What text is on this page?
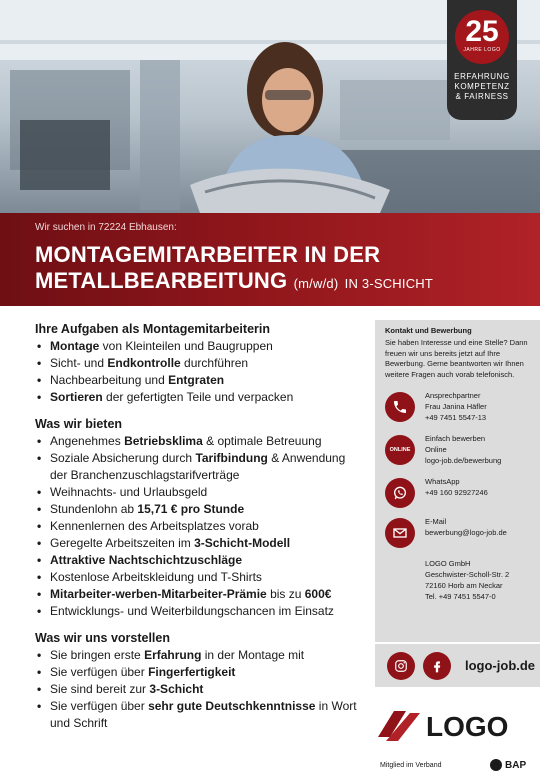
25
JAHRE LOGO
ERFAHRUNG
KOMPETENZ
& FAIRNESS
Wir suchen in 72224 Ebhausen:
MONTAGEMITARBEITER IN DER
METALLBEARBEITUNG (m/w/d) IN 3-SCHICHT
Ihre Aufgaben als Montagemitarbeiterin
• Montage von Kleinteilen und Baugruppen
• Sicht- und Endkontrolle durchführen
• Nachbearbeitung und Entgraten
• Sortieren der gefertigten Teile und verpacken
Was wir bieten
• Angenehmes Betriebsklima & optimale Betreuung
• Soziale Absicherung durch Tarifbindung & Anwendung der Branchenzuschlagstarifverträge
• Weihnachts- und Urlaubsgeld
• Stundenlohn ab 15,71 € pro Stunde
• Kennenlernen des Arbeitsplatzes vorab
• Geregelte Arbeitszeiten im 3-Schicht-Modell
• Attraktive Nachtschichtzuschläge
• Kostenlose Arbeitskleidung und T-Shirts
• Mitarbeiter-werben-Mitarbeiter-Prämie bis zu 600€
• Entwicklungs- und Weiterbildungschancen im Einsatz
Was wir uns vorstellen
• Sie bringen erste Erfahrung in der Montage mit
• Sie verfügen über Fingerfertigkeit
• Sie sind bereit zur 3-Schicht
• Sie verfügen über sehr gute Deutschkenntnisse in Wort und Schrift
Kontakt und Bewerbung
Sie haben Interesse und eine Stelle? Dann freuen wir uns bereits jetzt auf Ihre Bewerbung. Gerne beantworten wir Ihnen weitere Fragen auch vorab telefonisch.
Ansprechpartner
Frau Janina Häfler
+49 7451 5547-13
ONLINE
Einfach bewerben
Online
logo-job.de/bewerbung
WhatsApp
+49 160 92927246
E-Mail
bewerbung@logo-job.de
LOGO GmbH
Geschwister-Scholl-Str. 2
72160 Horb am Neckar
Tel. +49 7451 5547-0
logo-job.de
LOGO
Mitglied im Verband	BAP
